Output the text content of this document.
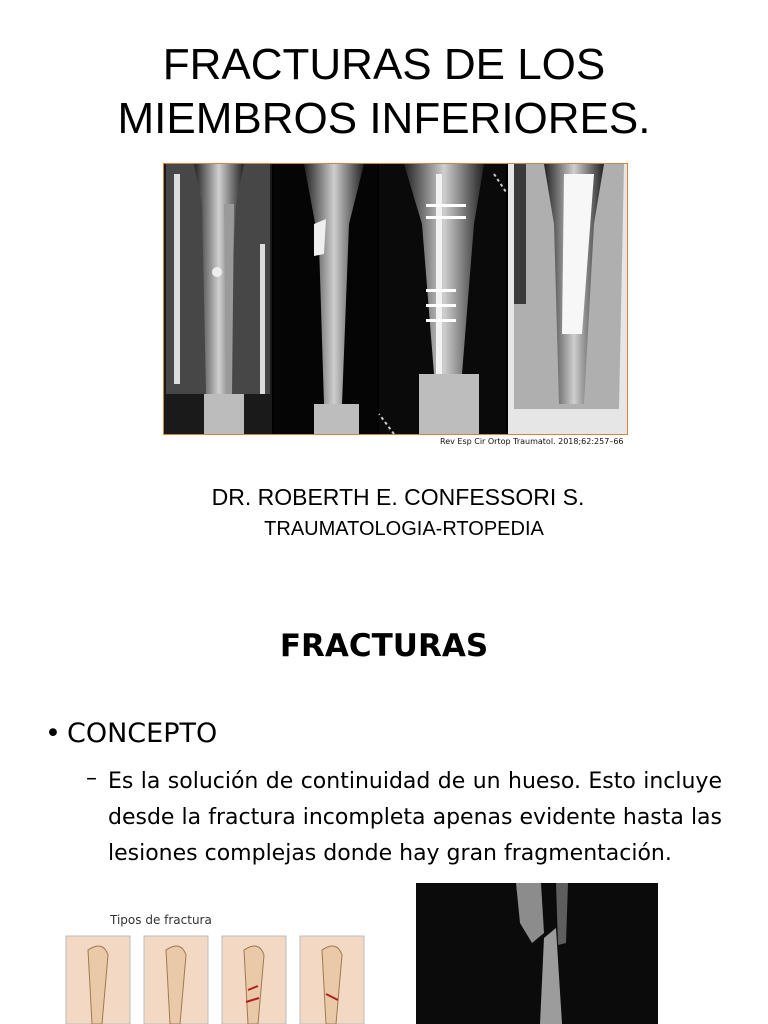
FRACTURAS DE LOS
MIEMBROS INFERIORES.
Rev Esp Cir Ortop Traumatol. 2018;62:257–66
DR. ROBERTH E. CONFESSORI S.
TRAUMATOLOGIA-RTOPEDIA
FRACTURAS
• CONCEPTO
– Es la solución de continuidad de un hueso. Esto incluye desde la fractura incompleta apenas evidente hasta las lesiones complejas donde hay gran fragmentación.
Tipos de fractura
